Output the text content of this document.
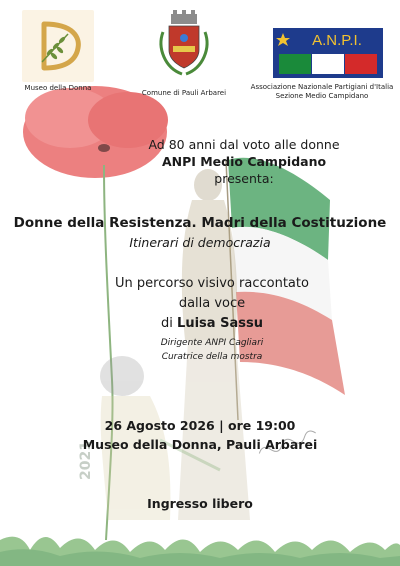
2021
Museo della Donna
Comune di Pauli Arbarei
A.N.P.I.
Associazione Nazionale Partigiani d'Italia
Sezione Medio Campidano
Ad 80 anni dal voto alle donne
ANPI Medio Campidano
presenta:
Donne della Resistenza. Madri della Costituzione
Itinerari di democrazia
Un percorso visivo raccontato
dalla voce
di Luisa Sassu
Dirigente ANPI Cagliari
Curatrice della mostra
26 Agosto 2026 | ore 19:00
Museo della Donna, Pauli Arbarei
Ingresso libero
